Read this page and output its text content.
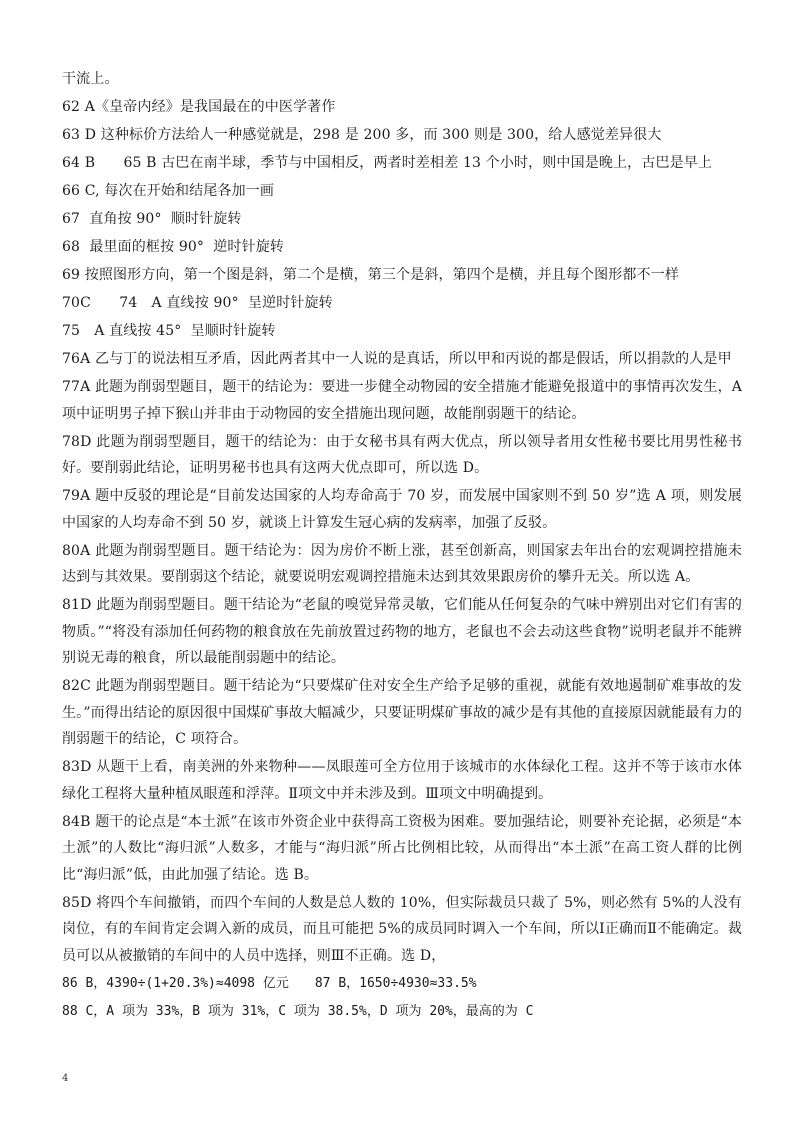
干流上。

62 A《皇帝内经》是我国最在的中医学著作

63 D 这种标价方法给人一种感觉就是，298 是 200 多，而 300 则是 300，给人感觉差异很大

64 B　　65 B 古巴在南半球，季节与中国相反，两者时差相差 13 个小时，则中国是晚上，古巴是早上

66 C, 每次在开始和结尾各加一画

67  直角按 90°  顺时针旋转

68  最里面的框按 90°  逆时针旋转

69 按照图形方向，第一个图是斜，第二个是横，第三个是斜，第四个是横，并且每个图形都不一样

70C　　74　A 直线按 90°  呈逆时针旋转

75　A 直线按 45°  呈顺时针旋转

76A 乙与丁的说法相互矛盾，因此两者其中一人说的是真话，所以甲和丙说的都是假话，所以捐款的人是甲

77A 此题为削弱型题目，题干的结论为：要进一步健全动物园的安全措施才能避免报道中的事情再次发生，A 项中证明男子掉下猴山并非由于动物园的安全措施出现问题，故能削弱题干的结论。

78D 此题为削弱型题目，题干的结论为：由于女秘书具有两大优点，所以领导者用女性秘书要比用男性秘书好。要削弱此结论，证明男秘书也具有这两大优点即可，所以选 D。

79A 题中反驳的理论是“目前发达国家的人均寿命高于 70 岁，而发展中国家则不到 50 岁”选 A 项，则发展中国家的人均寿命不到 50 岁，就谈上计算发生冠心病的发病率，加强了反驳。

80A 此题为削弱型题目。题干结论为：因为房价不断上涨，甚至创新高，则国家去年出台的宏观调控措施未达到与其效果。要削弱这个结论，就要说明宏观调控措施未达到其效果跟房价的攀升无关。所以选 A。

81D 此题为削弱型题目。题干结论为“老鼠的嗅觉异常灵敏，它们能从任何复杂的气味中辨别出对它们有害的物质。”“将没有添加任何药物的粮食放在先前放置过药物的地方，老鼠也不会去动这些食物”说明老鼠并不能辨别说无毒的粮食，所以最能削弱题中的结论。

82C 此题为削弱型题目。题干结论为“只要煤矿住对安全生产给予足够的重视，就能有效地遏制矿难事故的发生。”而得出结论的原因很中国煤矿事故大幅减少，只要证明煤矿事故的减少是有其他的直接原因就能最有力的削弱题干的结论，C 项符合。

83D 从题干上看，南美洲的外来物种——凤眼莲可全方位用于该城市的水体绿化工程。这并不等于该市水体绿化工程将大量种植凤眼莲和浮萍。Ⅱ项文中并未涉及到。Ⅲ项文中明确提到。

84B 题干的论点是“本土派”在该市外资企业中获得高工资极为困难。要加强结论，则要补充论据，必须是“本土派”的人数比“海归派”人数多，才能与“海归派”所占比例相比较，从而得出“本土派”在高工资人群的比例比“海归派”低，由此加强了结论。选 B。

85D 将四个车间撤销，而四个车间的人数是总人数的 10%，但实际裁员只裁了 5%，则必然有 5%的人没有岗位，有的车间肯定会调入新的成员，而且可能把 5%的成员同时调入一个车间，所以Ⅰ正确而Ⅱ不能确定。裁员可以从被撤销的车间中的人员中选择，则Ⅲ不正确。选 D，

86 B，4390÷(1+20.3%)≈4098 亿元　　87 B，1650÷4930≈33.5%

88 C，A 项为 33%，B 项为 31%，C 项为 38.5%，D 项为 20%，最高的为 C

4
